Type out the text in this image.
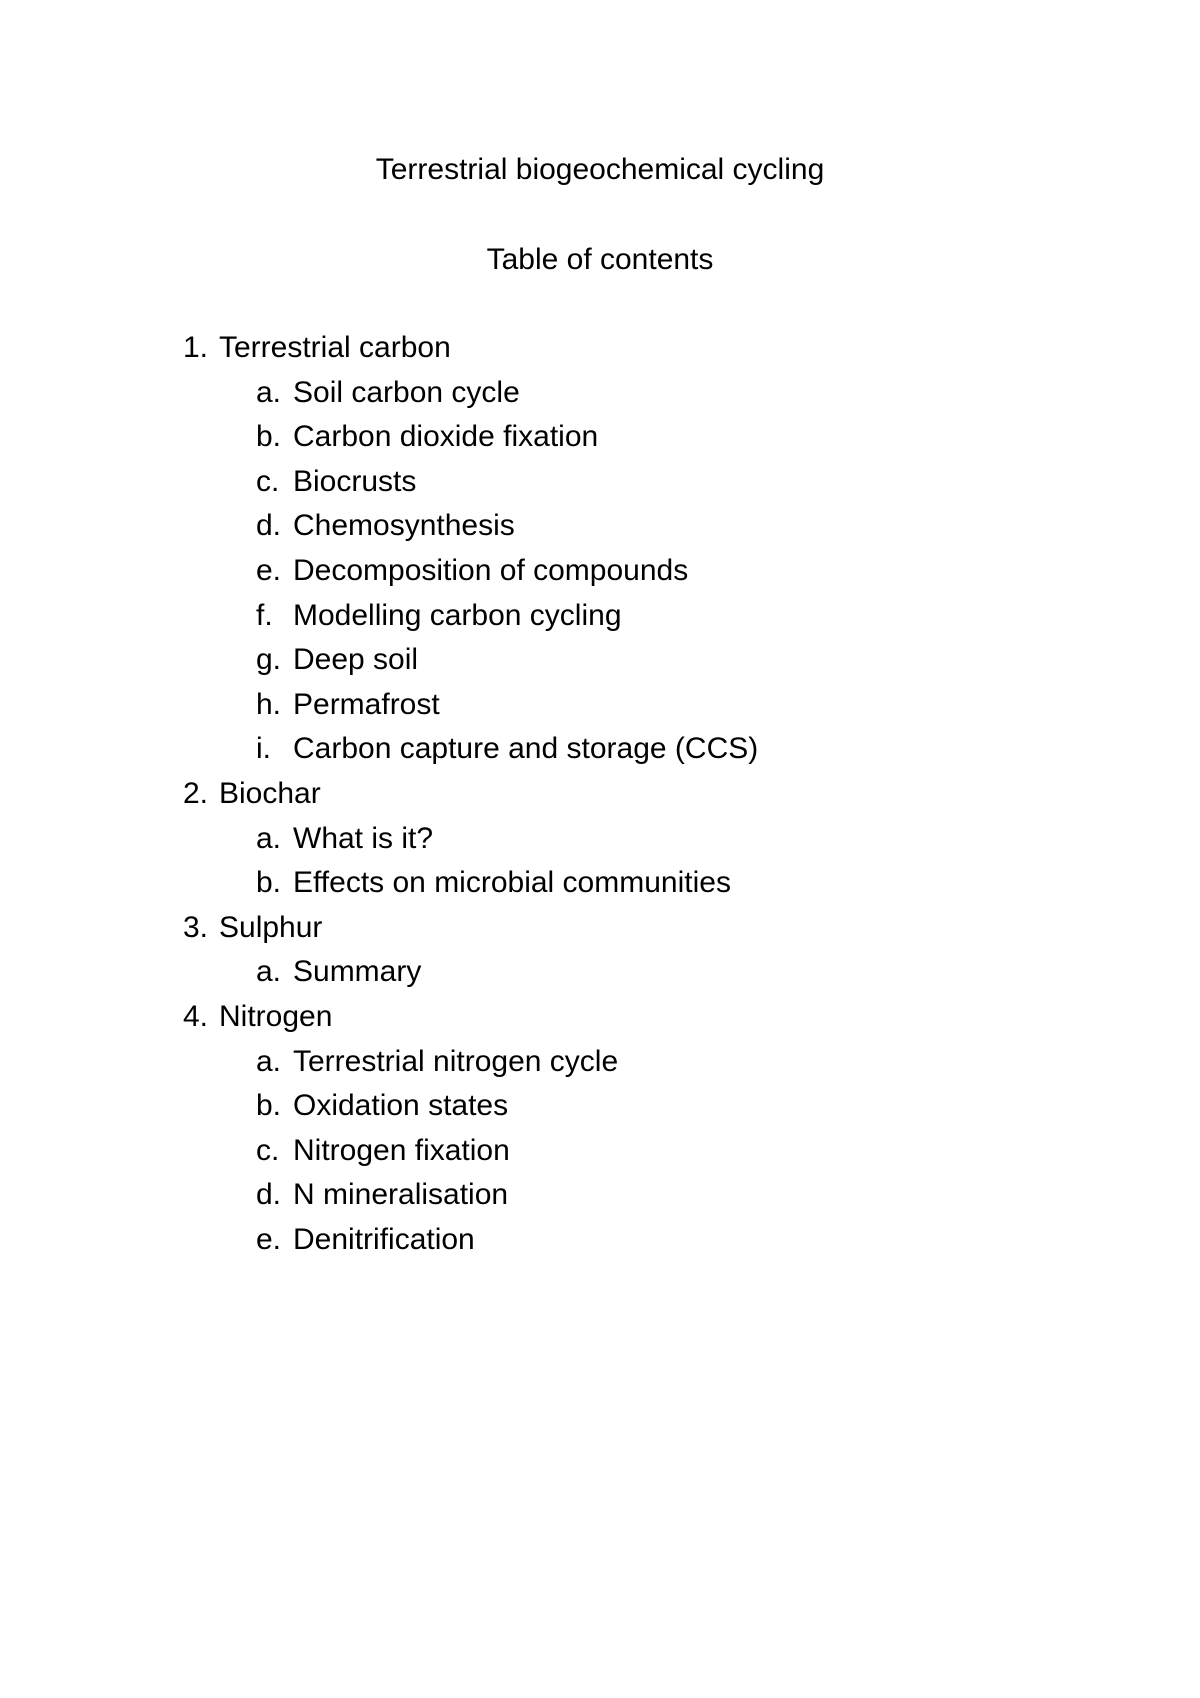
Terrestrial biogeochemical cycling
Table of contents
1. Terrestrial carbon
a. Soil carbon cycle
b. Carbon dioxide fixation
c. Biocrusts
d. Chemosynthesis
e. Decomposition of compounds
f. Modelling carbon cycling
g. Deep soil
h. Permafrost
i. Carbon capture and storage (CCS)
2. Biochar
a. What is it?
b. Effects on microbial communities
3. Sulphur
a. Summary
4. Nitrogen
a. Terrestrial nitrogen cycle
b. Oxidation states
c. Nitrogen fixation
d. N mineralisation
e. Denitrification
